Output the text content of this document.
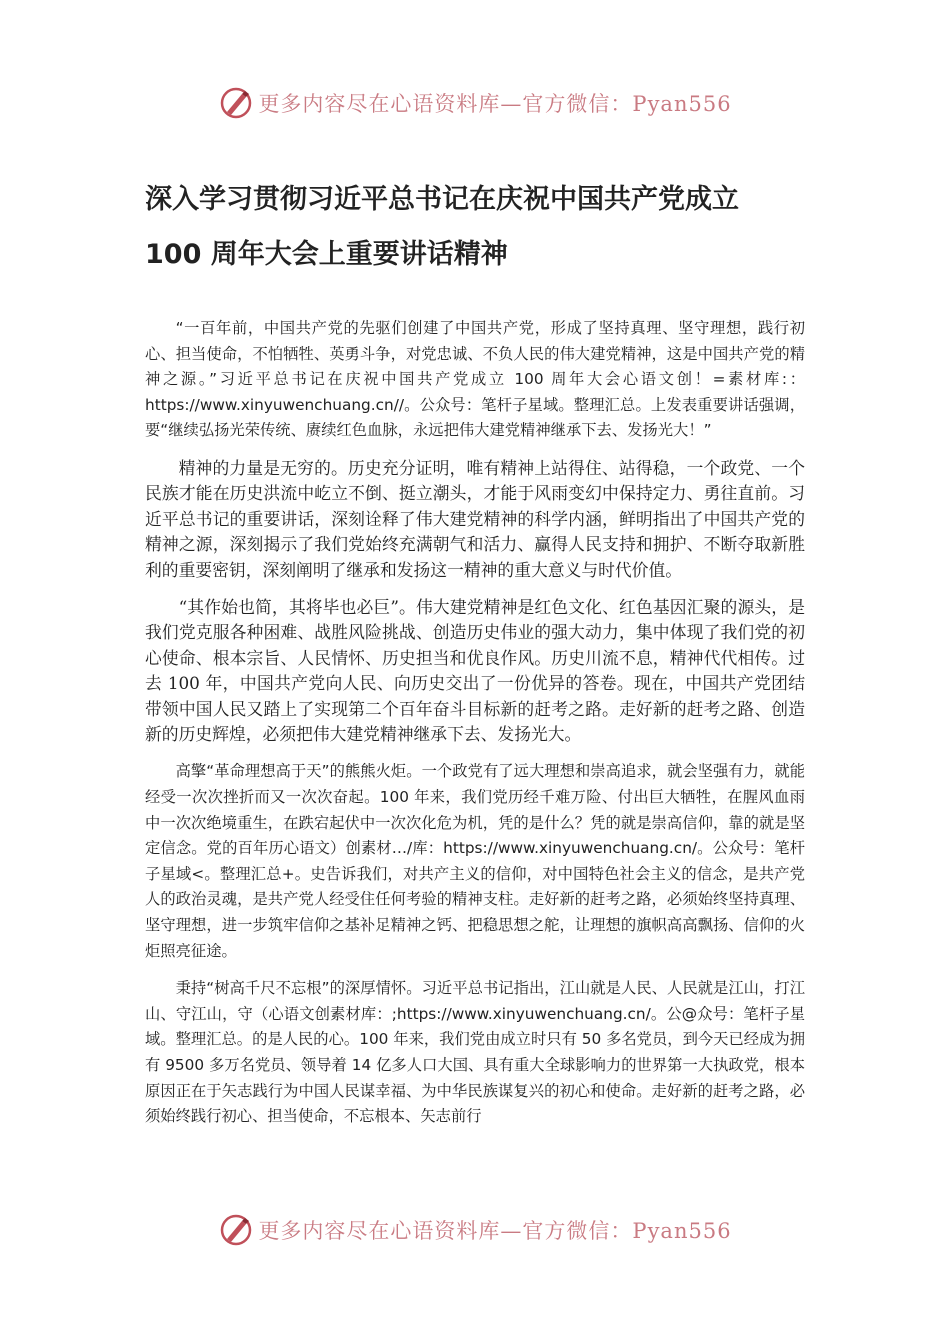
更多内容尽在心语资料库—官方微信：Pyan556
深入学习贯彻习近平总书记在庆祝中国共产党成立
100 周年大会上重要讲话精神

“一百年前，中国共产党的先驱们创建了中国共产党，形成了坚持真理、坚守理想，践行初心、担当使命，不怕牺牲、英勇斗争，对党忠诚、不负人民的伟大建党精神，这是中国共产党的精神之源。”习近平总书记在庆祝中国共产党成立 100 周年大会心语文创！=素材库:：https://www.xinyuwenchuang.cn//。公众号：笔杆子星域。整理汇总。上发表重要讲话强调，要“继续弘扬光荣传统、赓续红色血脉，永远把伟大建党精神继承下去、发扬光大！”

精神的力量是无穷的。历史充分证明，唯有精神上站得住、站得稳，一个政党、一个民族才能在历史洪流中屹立不倒、挺立潮头，才能于风雨变幻中保持定力、勇往直前。习近平总书记的重要讲话，深刻诠释了伟大建党精神的科学内涵，鲜明指出了中国共产党的精神之源，深刻揭示了我们党始终充满朝气和活力、赢得人民支持和拥护、不断夺取新胜利的重要密钥，深刻阐明了继承和发扬这一精神的重大意义与时代价值。

“其作始也简，其将毕也必巨”。伟大建党精神是红色文化、红色基因汇聚的源头，是我们党克服各种困难、战胜风险挑战、创造历史伟业的强大动力，集中体现了我们党的初心使命、根本宗旨、人民情怀、历史担当和优良作风。历史川流不息，精神代代相传。过去 100 年，中国共产党向人民、向历史交出了一份优异的答卷。现在，中国共产党团结带领中国人民又踏上了实现第二个百年奋斗目标新的赶考之路。走好新的赶考之路、创造新的历史辉煌，必须把伟大建党精神继承下去、发扬光大。

高擎“革命理想高于天”的熊熊火炬。一个政党有了远大理想和崇高追求，就会坚强有力，就能经受一次次挫折而又一次次奋起。100 年来，我们党历经千难万险、付出巨大牺牲，在腥风血雨中一次次绝境重生，在跌宕起伏中一次次化危为机，凭的是什么？凭的就是崇高信仰，靠的就是坚定信念。党的百年历心语文）创素材…/库：https://www.xinyuwenchuang.cn/。公众号：笔杆子星域<。整理汇总+。史告诉我们，对共产主义的信仰，对中国特色社会主义的信念，是共产党人的政治灵魂，是共产党人经受住任何考验的精神支柱。走好新的赶考之路，必须始终坚持真理、坚守理想，进一步筑牢信仰之基补足精神之钙、把稳思想之舵，让理想的旗帜高高飘扬、信仰的火炬照亮征途。

秉持“树高千尺不忘根”的深厚情怀。习近平总书记指出，江山就是人民、人民就是江山，打江山、守江山，守（心语文创素材库：;https://www.xinyuwenchuang.cn/。公@众号：笔杆子星域。整理汇总。的是人民的心。100 年来，我们党由成立时只有 50 多名党员，到今天已经成为拥有 9500 多万名党员、领导着 14 亿多人口大国、具有重大全球影响力的世界第一大执政党，根本原因正在于矢志践行为中国人民谋幸福、为中华民族谋复兴的初心和使命。走好新的赶考之路，必须始终践行初心、担当使命，不忘根本、矢志前行

更多内容尽在心语资料库—官方微信：Pyan556
